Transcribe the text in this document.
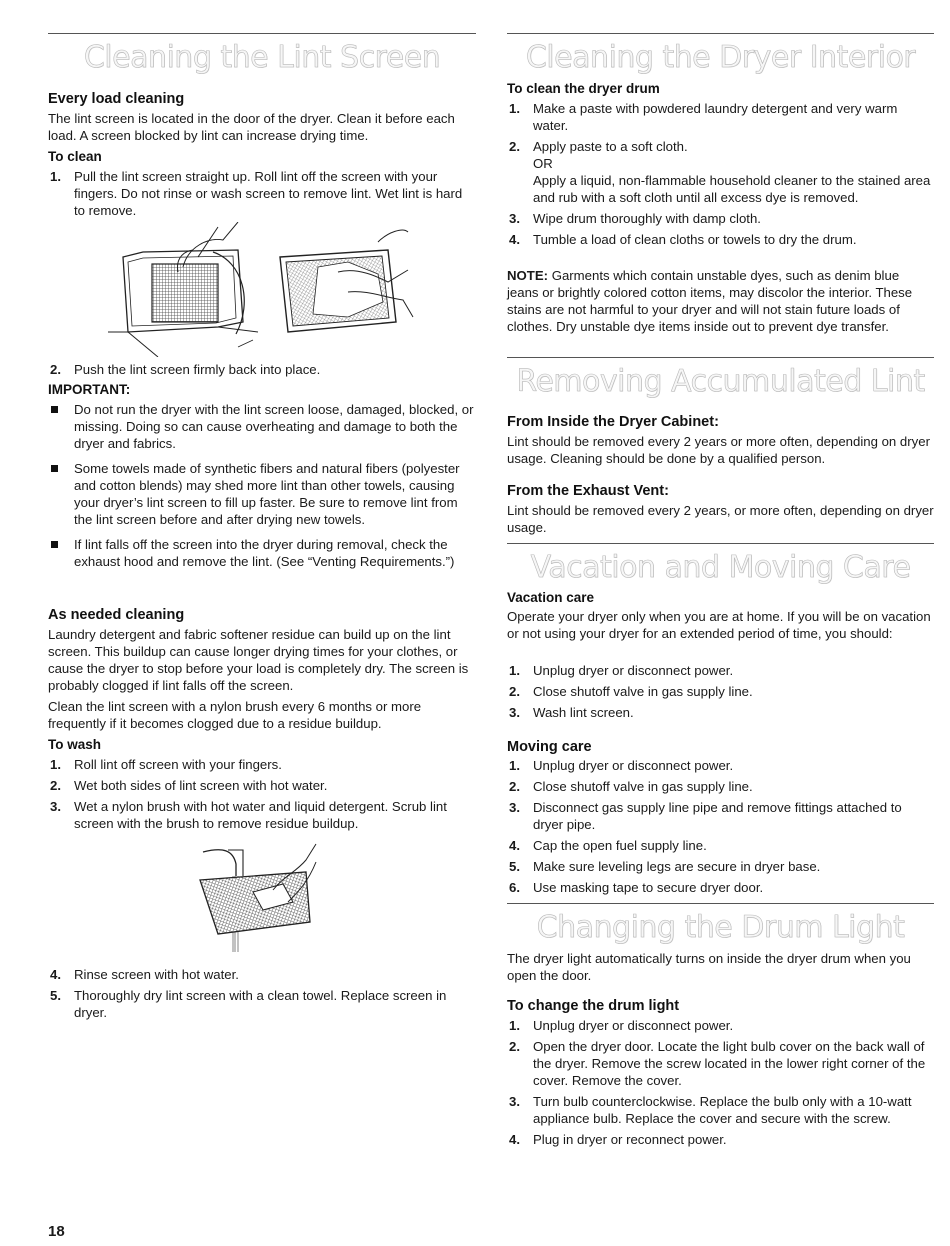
Cleaning the Lint Screen
Every load cleaning

The lint screen is located in the door of the dryer. Clean it before each load. A screen blocked by lint can increase drying time.

To clean
1. Pull the lint screen straight up. Roll lint off the screen with your fingers. Do not rinse or wash screen to remove lint. Wet lint is hard to remove.
2. Push the lint screen firmly back into place.
IMPORTANT:
Do not run the dryer with the lint screen loose, damaged, blocked, or missing. Doing so can cause overheating and damage to both the dryer and fabrics.
Some towels made of synthetic fibers and natural fibers (polyester and cotton blends) may shed more lint than other towels, causing your dryer’s lint screen to fill up faster. Be sure to remove lint from the lint screen before and after drying new towels.
If lint falls off the screen into the dryer during removal, check the exhaust hood and remove the lint. (See “Venting Requirements.”)
As needed cleaning

Laundry detergent and fabric softener residue can build up on the lint screen. This buildup can cause longer drying times for your clothes, or cause the dryer to stop before your load is completely dry. The screen is probably clogged if lint falls off the screen.

Clean the lint screen with a nylon brush every 6 months or more frequently if it becomes clogged due to a residue buildup.

To wash
1. Roll lint off screen with your fingers.
2. Wet both sides of lint screen with hot water.
3. Wet a nylon brush with hot water and liquid detergent. Scrub lint screen with the brush to remove residue buildup.
4. Rinse screen with hot water.
5. Thoroughly dry lint screen with a clean towel. Replace screen in dryer.
Cleaning the Dryer Interior
To clean the dryer drum
1. Make a paste with powdered laundry detergent and very warm water.
2. Apply paste to a soft cloth.
OR
Apply a liquid, non-flammable household cleaner to the stained area and rub with a soft cloth until all excess dye is removed.
3. Wipe drum thoroughly with damp cloth.
4. Tumble a load of clean cloths or towels to dry the drum.

NOTE: Garments which contain unstable dyes, such as denim blue jeans or brightly colored cotton items, may discolor the interior. These stains are not harmful to your dryer and will not stain future loads of clothes. Dry unstable dye items inside out to prevent dye transfer.

Removing Accumulated Lint
From Inside the Dryer Cabinet:

Lint should be removed every 2 years or more often, depending on dryer usage. Cleaning should be done by a qualified person.

From the Exhaust Vent:

Lint should be removed every 2 years, or more often, depending on dryer usage.

Vacation and Moving Care
Vacation care

Operate your dryer only when you are at home. If you will be on vacation or not using your dryer for an extended period of time, you should:

1. Unplug dryer or disconnect power.
2. Close shutoff valve in gas supply line.
3. Wash lint screen.
Moving care
1. Unplug dryer or disconnect power.
2. Close shutoff valve in gas supply line.
3. Disconnect gas supply line pipe and remove fittings attached to dryer pipe.
4. Cap the open fuel supply line.
5. Make sure leveling legs are secure in dryer base.
6. Use masking tape to secure dryer door.
Changing the Drum Light

The dryer light automatically turns on inside the dryer drum when you open the door.

To change the drum light
1. Unplug dryer or disconnect power.
2. Open the dryer door. Locate the light bulb cover on the back wall of the dryer. Remove the screw located in the lower right corner of the cover. Remove the cover.
3. Turn bulb counterclockwise. Replace the bulb only with a 10-watt appliance bulb. Replace the cover and secure with the screw.
4. Plug in dryer or reconnect power.
18
